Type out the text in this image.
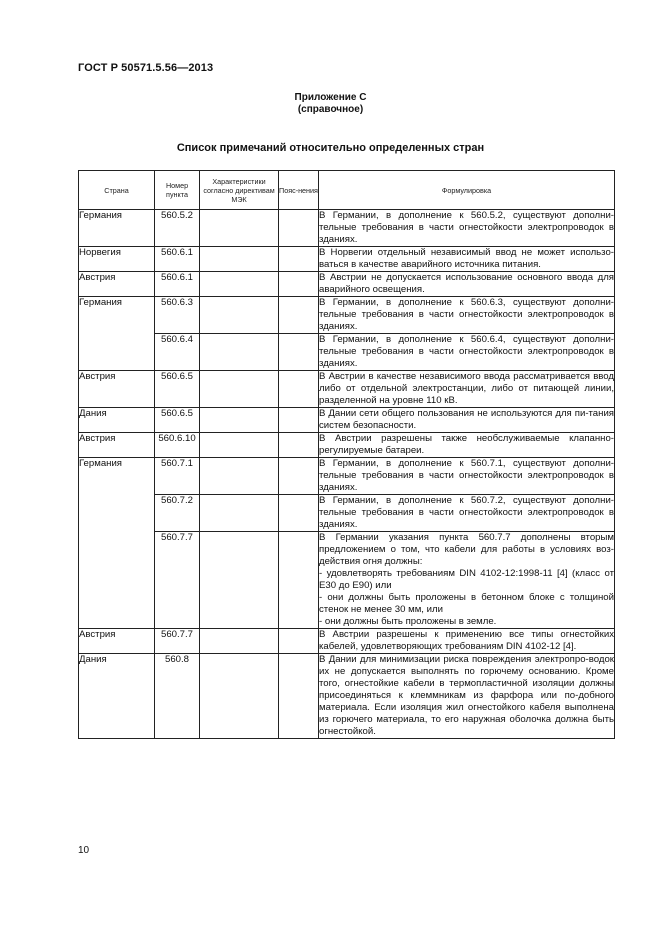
ГОСТ Р 50571.5.56—2013
Приложение С
(справочное)
Список примечаний относительно определенных стран
Страна	Номер пункта	Характеристики согласно директивам МЭК	Пояс-нения	Формулировка
Германия	560.5.2			В Германии, в дополнение к 560.5.2, существуют дополни-тельные требования в части огнестойкости электропроводок в зданиях.
Норвегия	560.6.1			В Норвегии отдельный независимый ввод не может использо-ваться в качестве аварийного источника питания.
Австрия	560.6.1			В Австрии не допускается использование основного ввода для аварийного освещения.
Германия	560.6.3			В Германии, в дополнение к 560.6.3, существуют дополни-тельные требования в части огнестойкости электропроводок в зданиях.
	560.6.4			В Германии, в дополнение к 560.6.4, существуют дополни-тельные требования в части огнестойкости электропроводок в зданиях.
Австрия	560.6.5			В Австрии в качестве независимого ввода рассматривается ввод либо от отдельной электростанции, либо от питающей линии, разделенной на уровне 110 кВ.
Дания	560.6.5			В Дании сети общего пользования не используются для пи-тания систем безопасности.
Австрия	560.6.10			В Австрии разрешены также необслуживаемые клапанно-регулируемые батареи.
Германия	560.7.1			В Германии, в дополнение к 560.7.1, существуют дополни-тельные требования в части огнестойкости электропроводок в зданиях.
	560.7.2			В Германии, в дополнение к 560.7.2, существуют дополни-тельные требования в части огнестойкости электропроводок в зданиях.
	560.7.7			В Германии указания пункта 560.7.7 дополнены вторым предложением о том, что кабели для работы в условиях воз-действия огня должны:
- удовлетворять требованиям DIN 4102-12:1998-11 [4] (класс от E30 до E90) или
- они должны быть проложены в бетонном блоке с толщиной стенок не менее 30 мм, или
- они должны быть проложены в земле.
Австрия	560.7.7			В Австрии разрешены к применению все типы огнестойких кабелей, удовлетворяющих требованиям DIN 4102-12 [4].
Дания	560.8			В Дании для минимизации риска повреждения электропро-водок их не допускается выполнять по горючему основанию. Кроме того, огнестойкие кабели в термопластичной изоляции должны присоединяться к клеммникам из фарфора или по-добного материала. Если изоляция жил огнестойкого кабеля выполнена из горючего материала, то его наружная оболочка должна быть огнестойкой.
10
